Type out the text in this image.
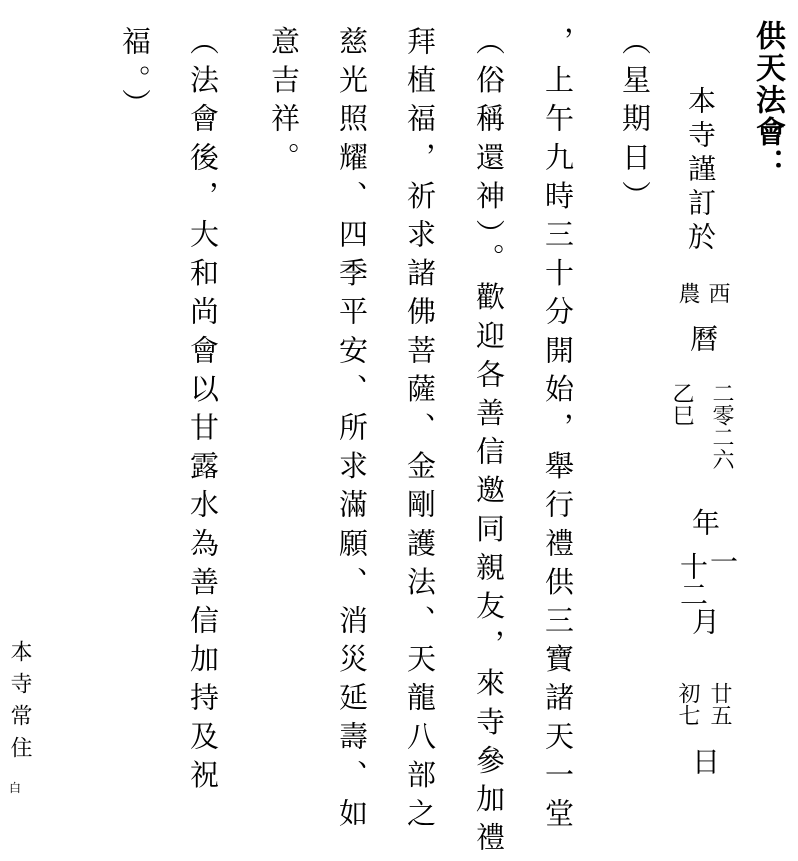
供天法會：
本寺謹訂於
西
農
曆
二零二六
乙巳
年
一
十二
月
廿五
初七
日
（星期日）
，上午九時三十分開始，舉行禮供三寶諸天一堂
（俗稱還神）。歡迎各善信邀同親友，來寺參加禮
拜植福，祈求諸佛菩薩、金剛護法、天龍八部之
慈光照耀、四季平安、所求滿願、消災延壽、如
意吉祥。
（法會後，大和尚會以甘露水為善信加持及祝
福。）
本寺常住
白
